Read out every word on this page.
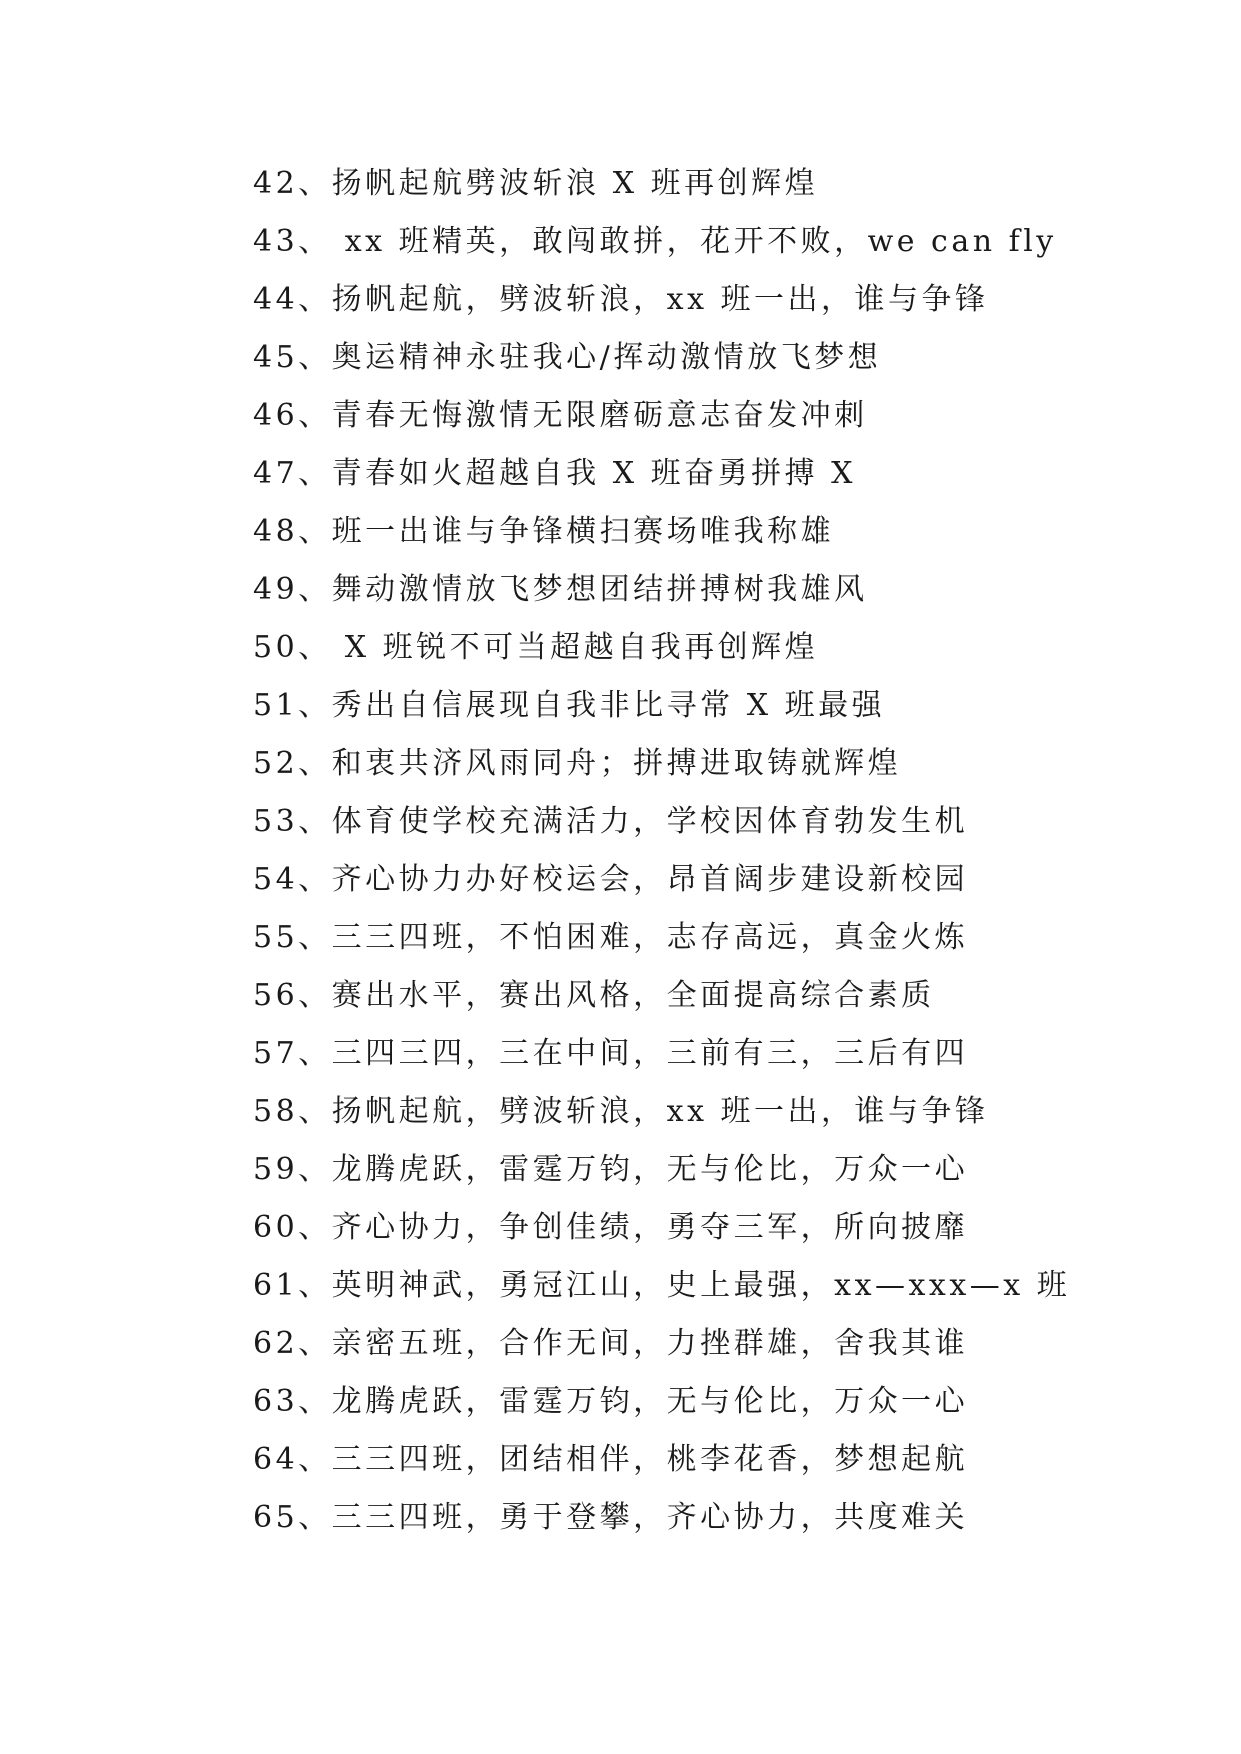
42、扬帆起航劈波斩浪 X 班再创辉煌
43、 xx 班精英，敢闯敢拼，花开不败，we can fly
44、扬帆起航，劈波斩浪，xx 班一出，谁与争锋
45、奥运精神永驻我心/挥动激情放飞梦想
46、青春无悔激情无限磨砺意志奋发冲刺
47、青春如火超越自我 X 班奋勇拼搏 X
48、班一出谁与争锋横扫赛场唯我称雄
49、舞动激情放飞梦想团结拼搏树我雄风
50、 X 班锐不可当超越自我再创辉煌
51、秀出自信展现自我非比寻常 X 班最强
52、和衷共济风雨同舟；拼搏进取铸就辉煌
53、体育使学校充满活力，学校因体育勃发生机
54、齐心协力办好校运会，昂首阔步建设新校园
55、三三四班，不怕困难，志存高远，真金火炼
56、赛出水平，赛出风格，全面提高综合素质
57、三四三四，三在中间，三前有三，三后有四
58、扬帆起航，劈波斩浪，xx 班一出，谁与争锋
59、龙腾虎跃，雷霆万钧，无与伦比，万众一心
60、齐心协力，争创佳绩，勇夺三军，所向披靡
61、英明神武，勇冠江山，史上最强，xx—xxx—x 班
62、亲密五班，合作无间，力挫群雄，舍我其谁
63、龙腾虎跃，雷霆万钧，无与伦比，万众一心
64、三三四班，团结相伴，桃李花香，梦想起航
65、三三四班，勇于登攀，齐心协力，共度难关
